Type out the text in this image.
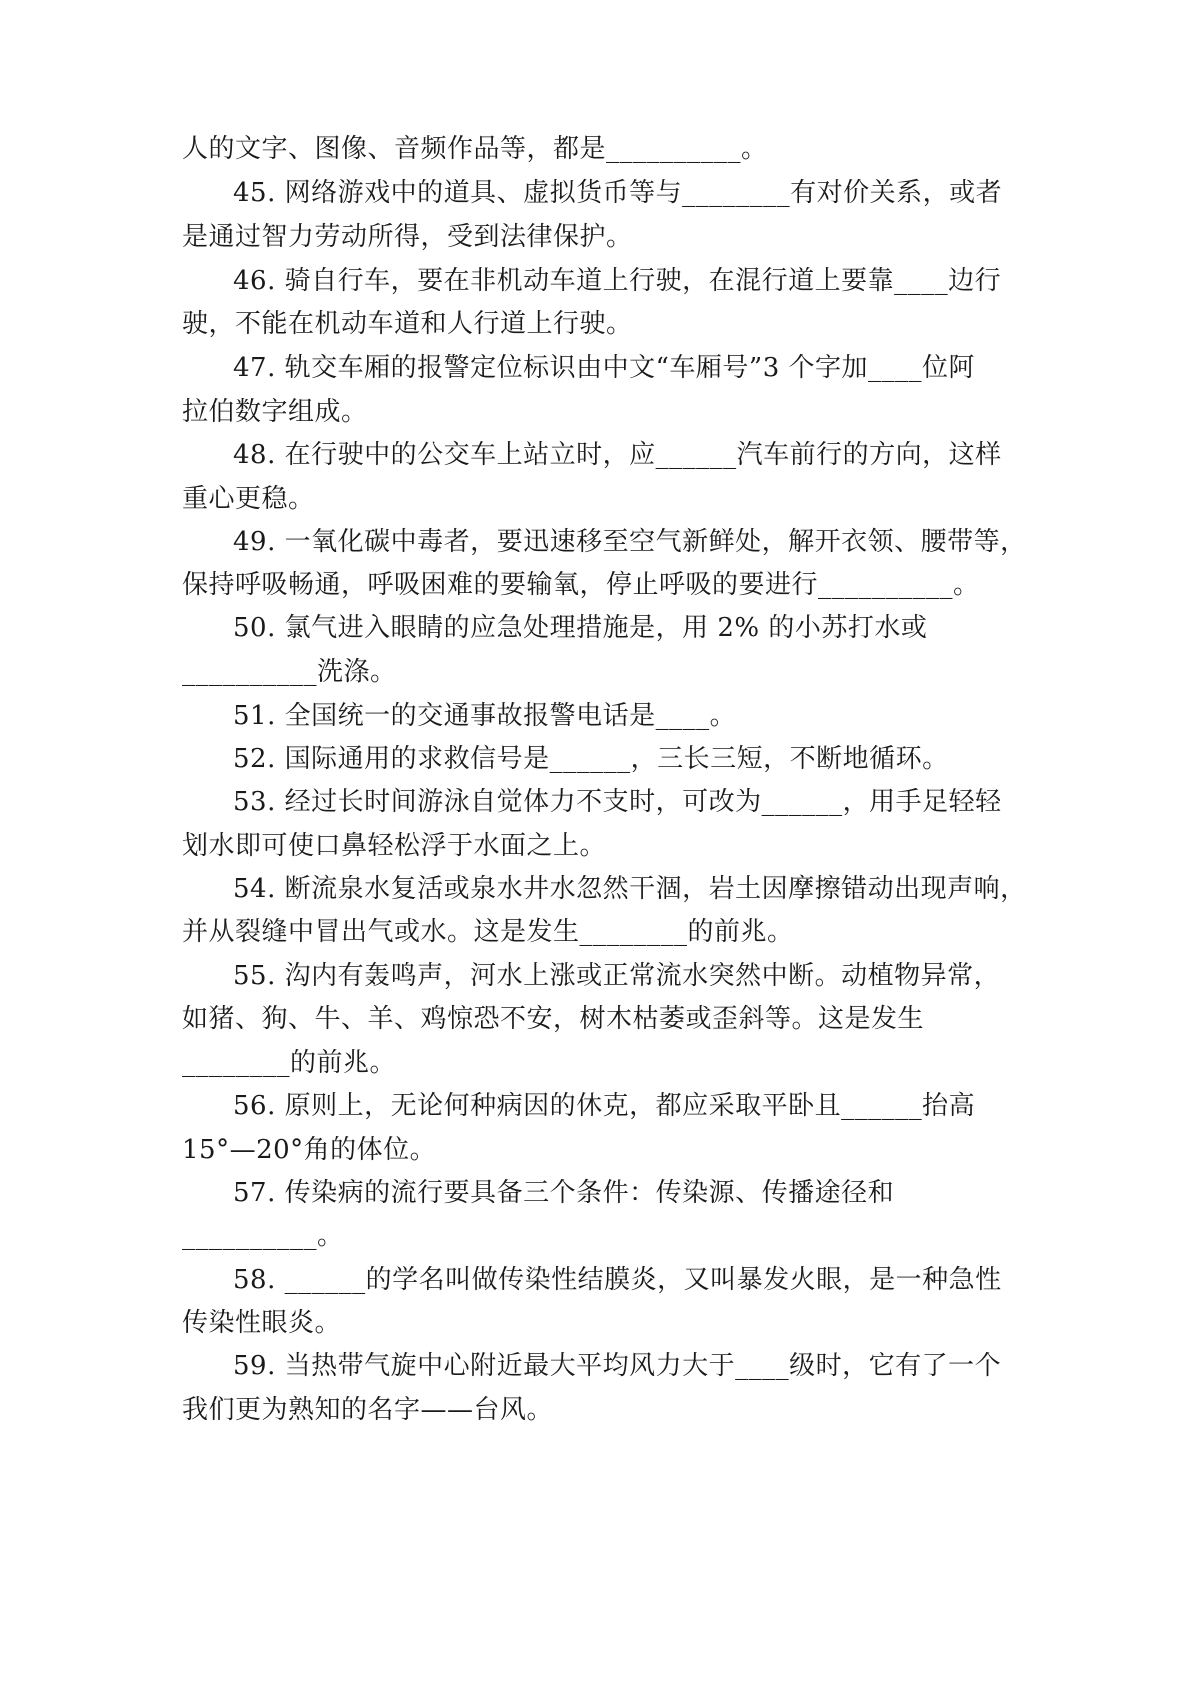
人的文字、图像、音频作品等，都是__________。
45. 网络游戏中的道具、虚拟货币等与________有对价关系，或者
是通过智力劳动所得，受到法律保护。
46. 骑自行车，要在非机动车道上行驶，在混行道上要靠____边行
驶，不能在机动车道和人行道上行驶。
47. 轨交车厢的报警定位标识由中文“车厢号”3 个字加____位阿
拉伯数字组成。
48. 在行驶中的公交车上站立时，应______汽车前行的方向，这样
重心更稳。
49. 一氧化碳中毒者，要迅速移至空气新鲜处，解开衣领、腰带等，
保持呼吸畅通，呼吸困难的要输氧，停止呼吸的要进行__________。
50. 氯气进入眼睛的应急处理措施是，用 2% 的小苏打水或
__________洗涤。
51. 全国统一的交通事故报警电话是____。
52. 国际通用的求救信号是______，三长三短，不断地循环。
53. 经过长时间游泳自觉体力不支时，可改为______，用手足轻轻
划水即可使口鼻轻松浮于水面之上。
54. 断流泉水复活或泉水井水忽然干涸，岩土因摩擦错动出现声响，
并从裂缝中冒出气或水。这是发生________的前兆。
55. 沟内有轰鸣声，河水上涨或正常流水突然中断。动植物异常，
如猪、狗、牛、羊、鸡惊恐不安，树木枯萎或歪斜等。这是发生
________的前兆。
56. 原则上，无论何种病因的休克，都应采取平卧且______抬高
15°—20°角的体位。
57. 传染病的流行要具备三个条件：传染源、传播途径和
__________。
58. ______的学名叫做传染性结膜炎，又叫暴发火眼，是一种急性
传染性眼炎。
59. 当热带气旋中心附近最大平均风力大于____级时，它有了一个
我们更为熟知的名字——台风。
